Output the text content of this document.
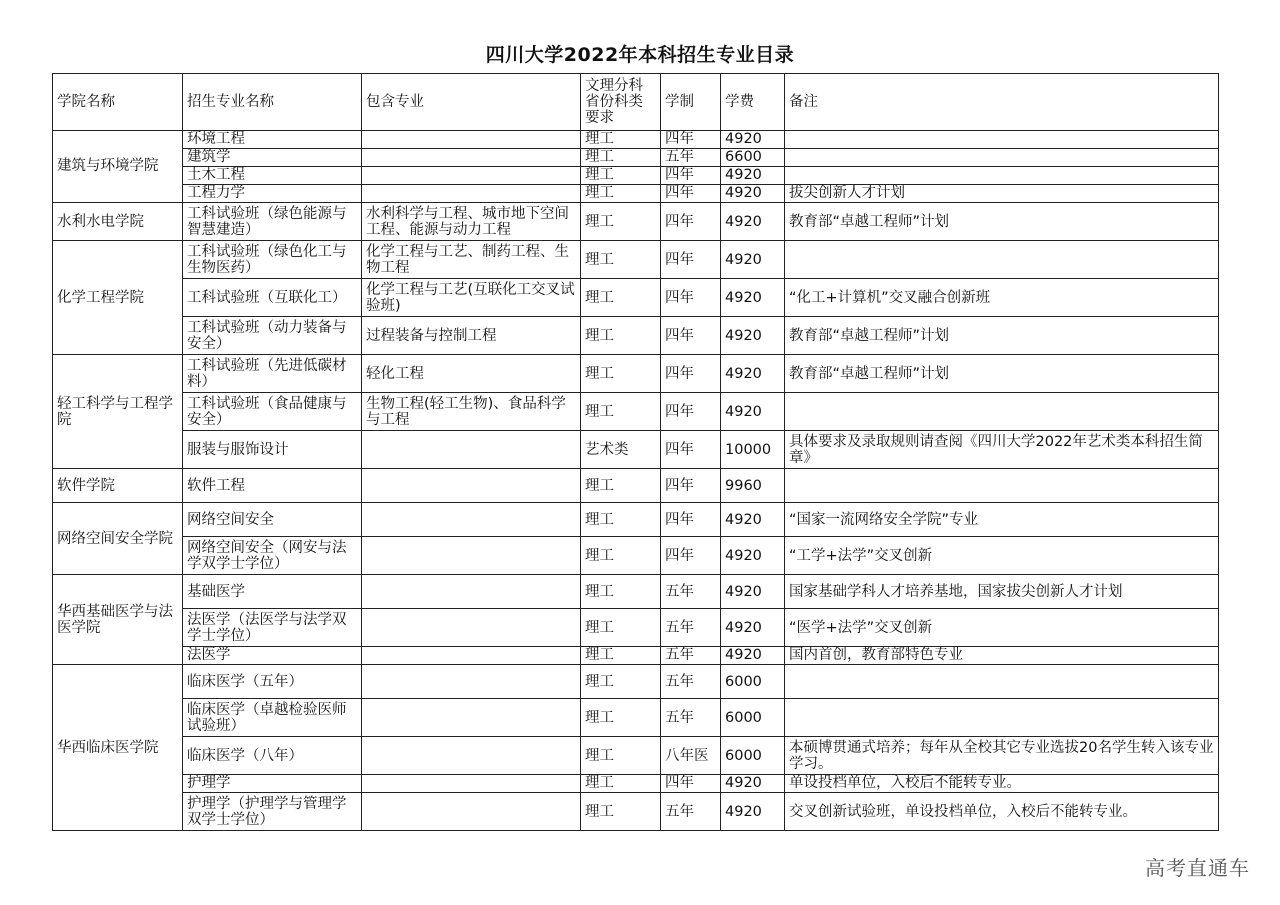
四川大学2022年本科招生专业目录
学院名称	招生专业名称	包含专业	文理分科省份科类要求	学制	学费	备注
建筑与环境学院	环境工程		理工	四年	4920	
	建筑学		理工	五年	6600	
	土木工程		理工	四年	4920	
	工程力学		理工	四年	4920	拔尖创新人才计划
水利水电学院	工科试验班（绿色能源与智慧建造）	水利科学与工程、城市地下空间工程、能源与动力工程	理工	四年	4920	教育部“卓越工程师”计划
化学工程学院	工科试验班（绿色化工与生物医药）	化学工程与工艺、制药工程、生物工程	理工	四年	4920	
	工科试验班（互联化工）	化学工程与工艺(互联化工交叉试验班)	理工	四年	4920	“化工+计算机”交叉融合创新班
	工科试验班（动力装备与安全）	过程装备与控制工程	理工	四年	4920	教育部“卓越工程师”计划
轻工科学与工程学院	工科试验班（先进低碳材料）	轻化工程	理工	四年	4920	教育部“卓越工程师”计划
	工科试验班（食品健康与安全）	生物工程(轻工生物)、食品科学与工程	理工	四年	4920	
	服装与服饰设计		艺术类	四年	10000	具体要求及录取规则请查阅《四川大学2022年艺术类本科招生简章》
软件学院	软件工程		理工	四年	9960	
网络空间安全学院	网络空间安全		理工	四年	4920	“国家一流网络安全学院”专业
	网络空间安全（网安与法学双学士学位）		理工	四年	4920	“工学+法学”交叉创新
华西基础医学与法医学院	基础医学		理工	五年	4920	国家基础学科人才培养基地，国家拔尖创新人才计划
	法医学（法医学与法学双学士学位）		理工	五年	4920	“医学+法学”交叉创新
	法医学		理工	五年	4920	国内首创，教育部特色专业
华西临床医学院	临床医学（五年）		理工	五年	6000	
	临床医学（卓越检验医师试验班）		理工	五年	6000	
	临床医学（八年）		理工	八年医	6000	本硕博贯通式培养；每年从全校其它专业选拔20名学生转入该专业学习。
	护理学		理工	四年	4920	单设投档单位，入校后不能转专业。
	护理学（护理学与管理学双学士学位）		理工	五年	4920	交叉创新试验班，单设投档单位，入校后不能转专业。
高考直通车
